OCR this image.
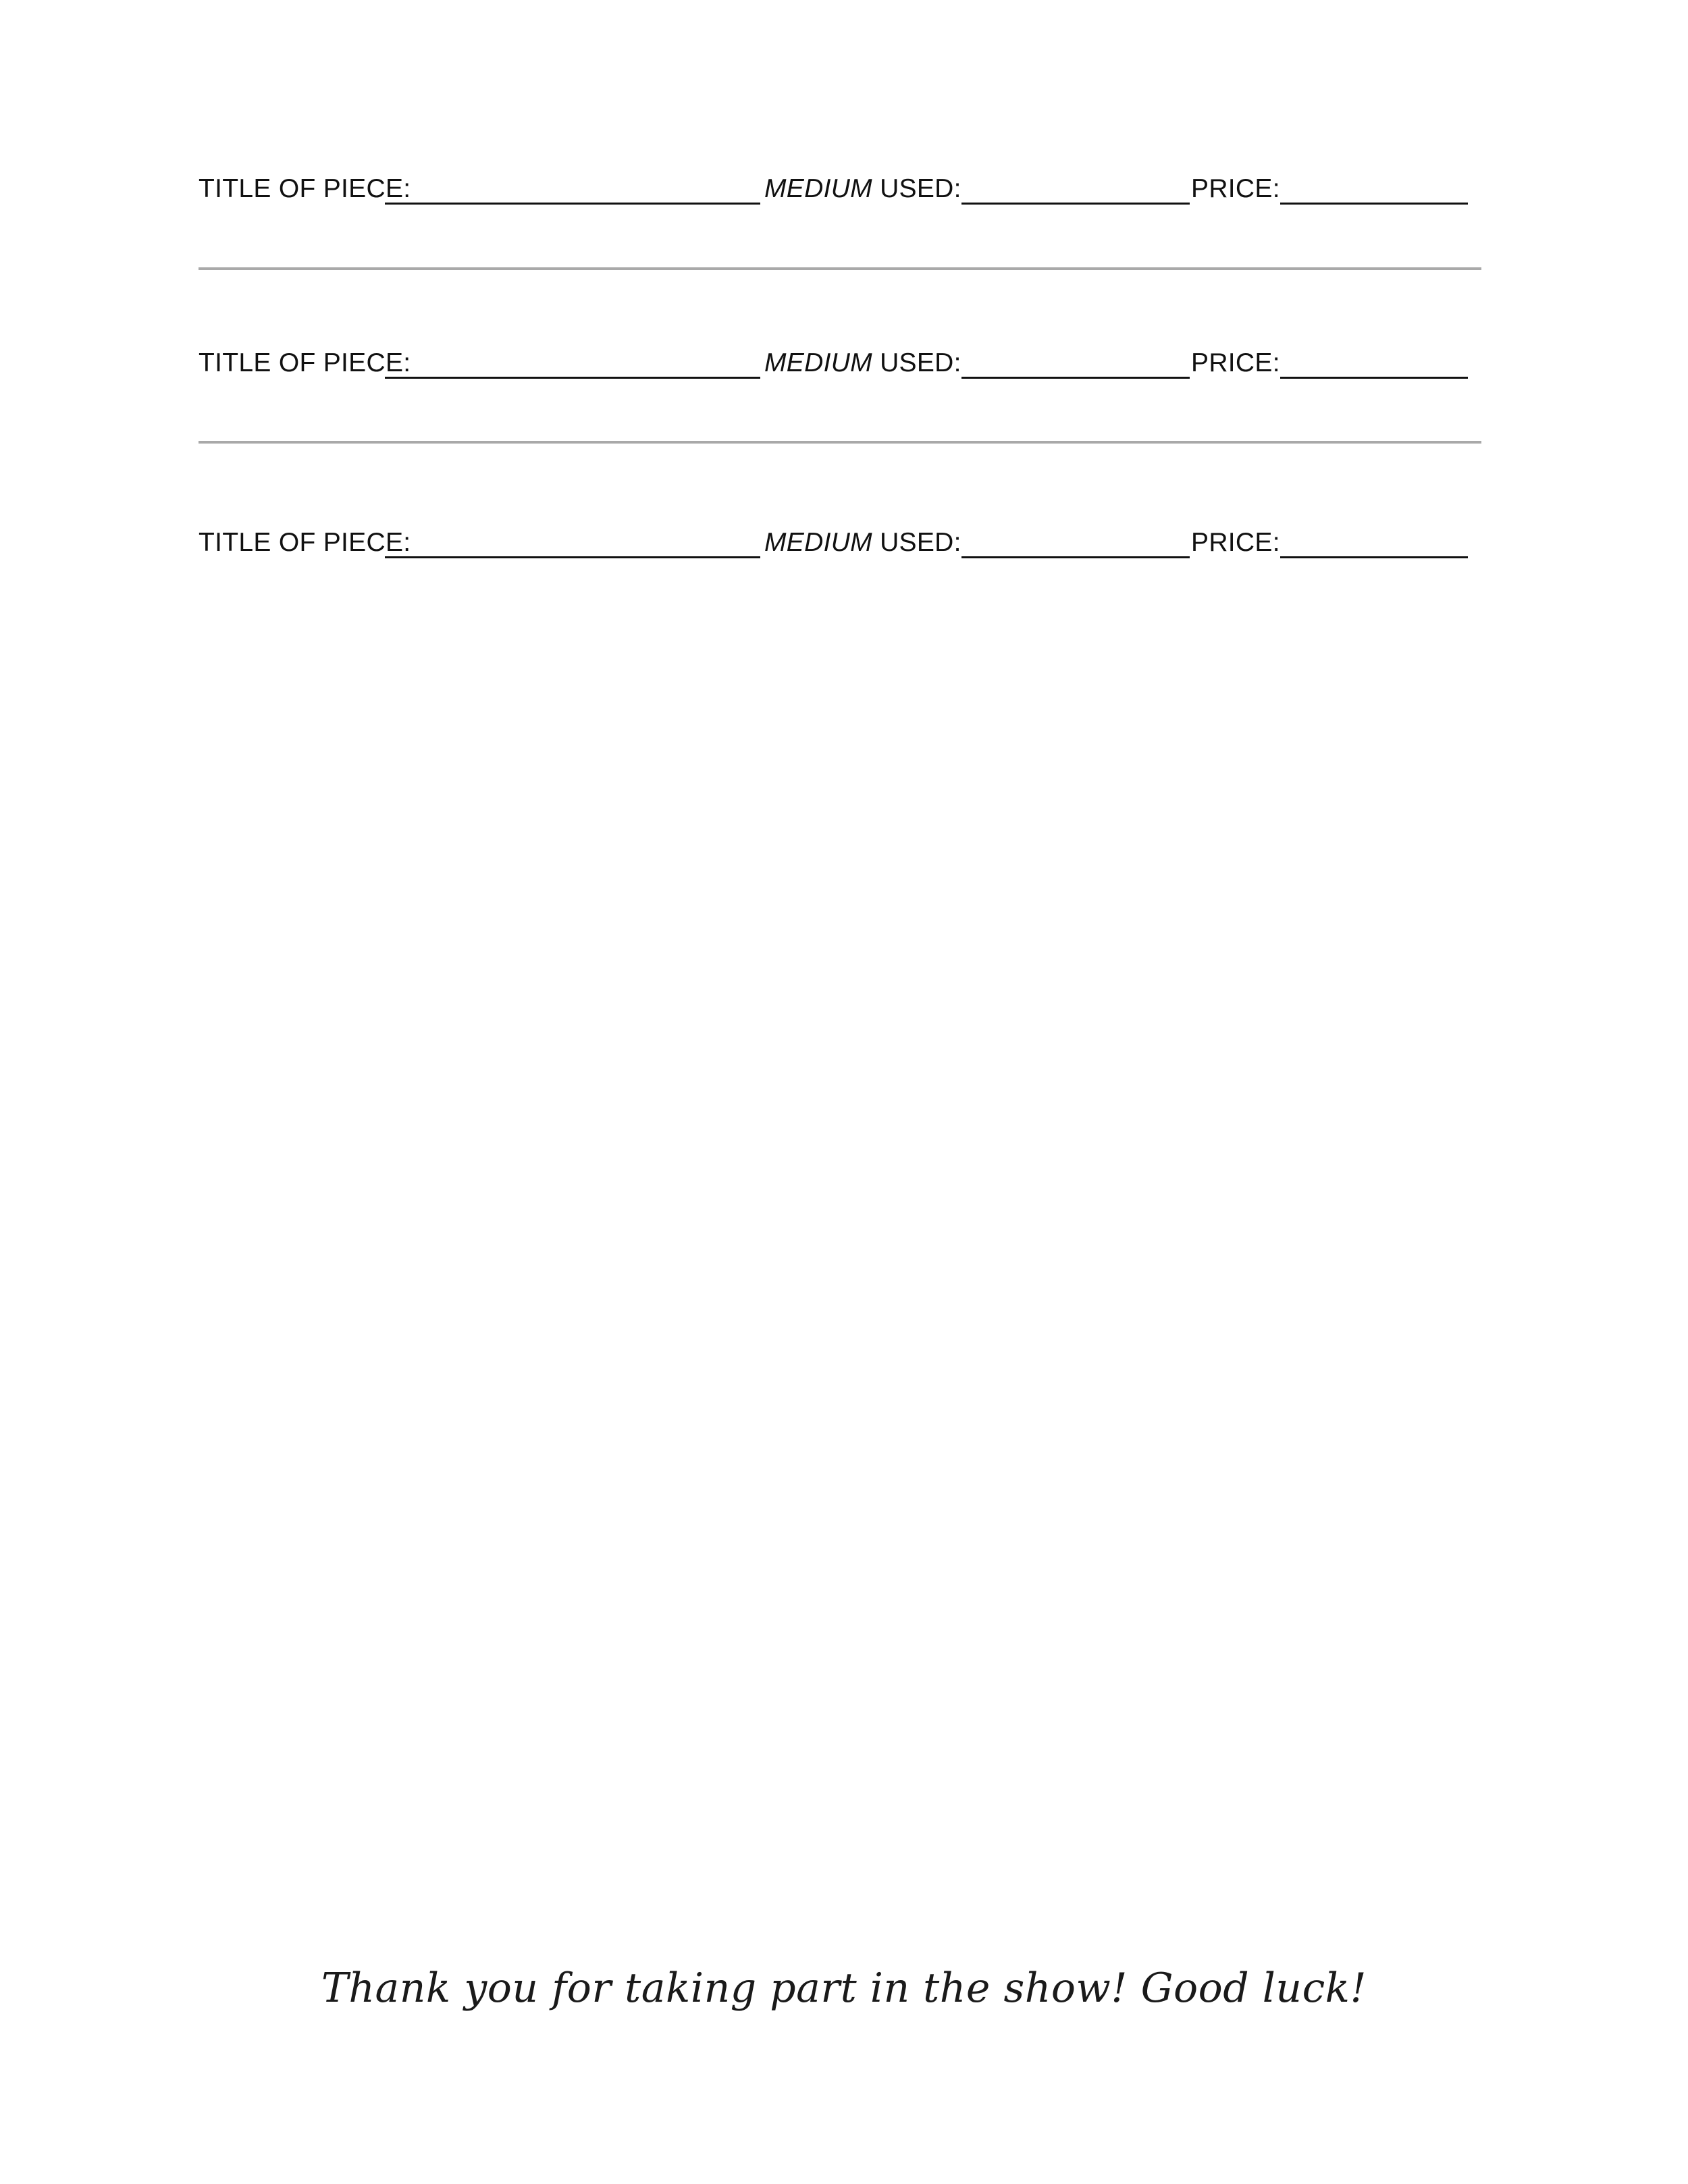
TITLE OF PIECE:	MEDIUM USED:	PRICE:
TITLE OF PIECE:	MEDIUM USED:	PRICE:
TITLE OF PIECE:	MEDIUM USED:	PRICE:
Thank you for taking part in the show! Good luck!
